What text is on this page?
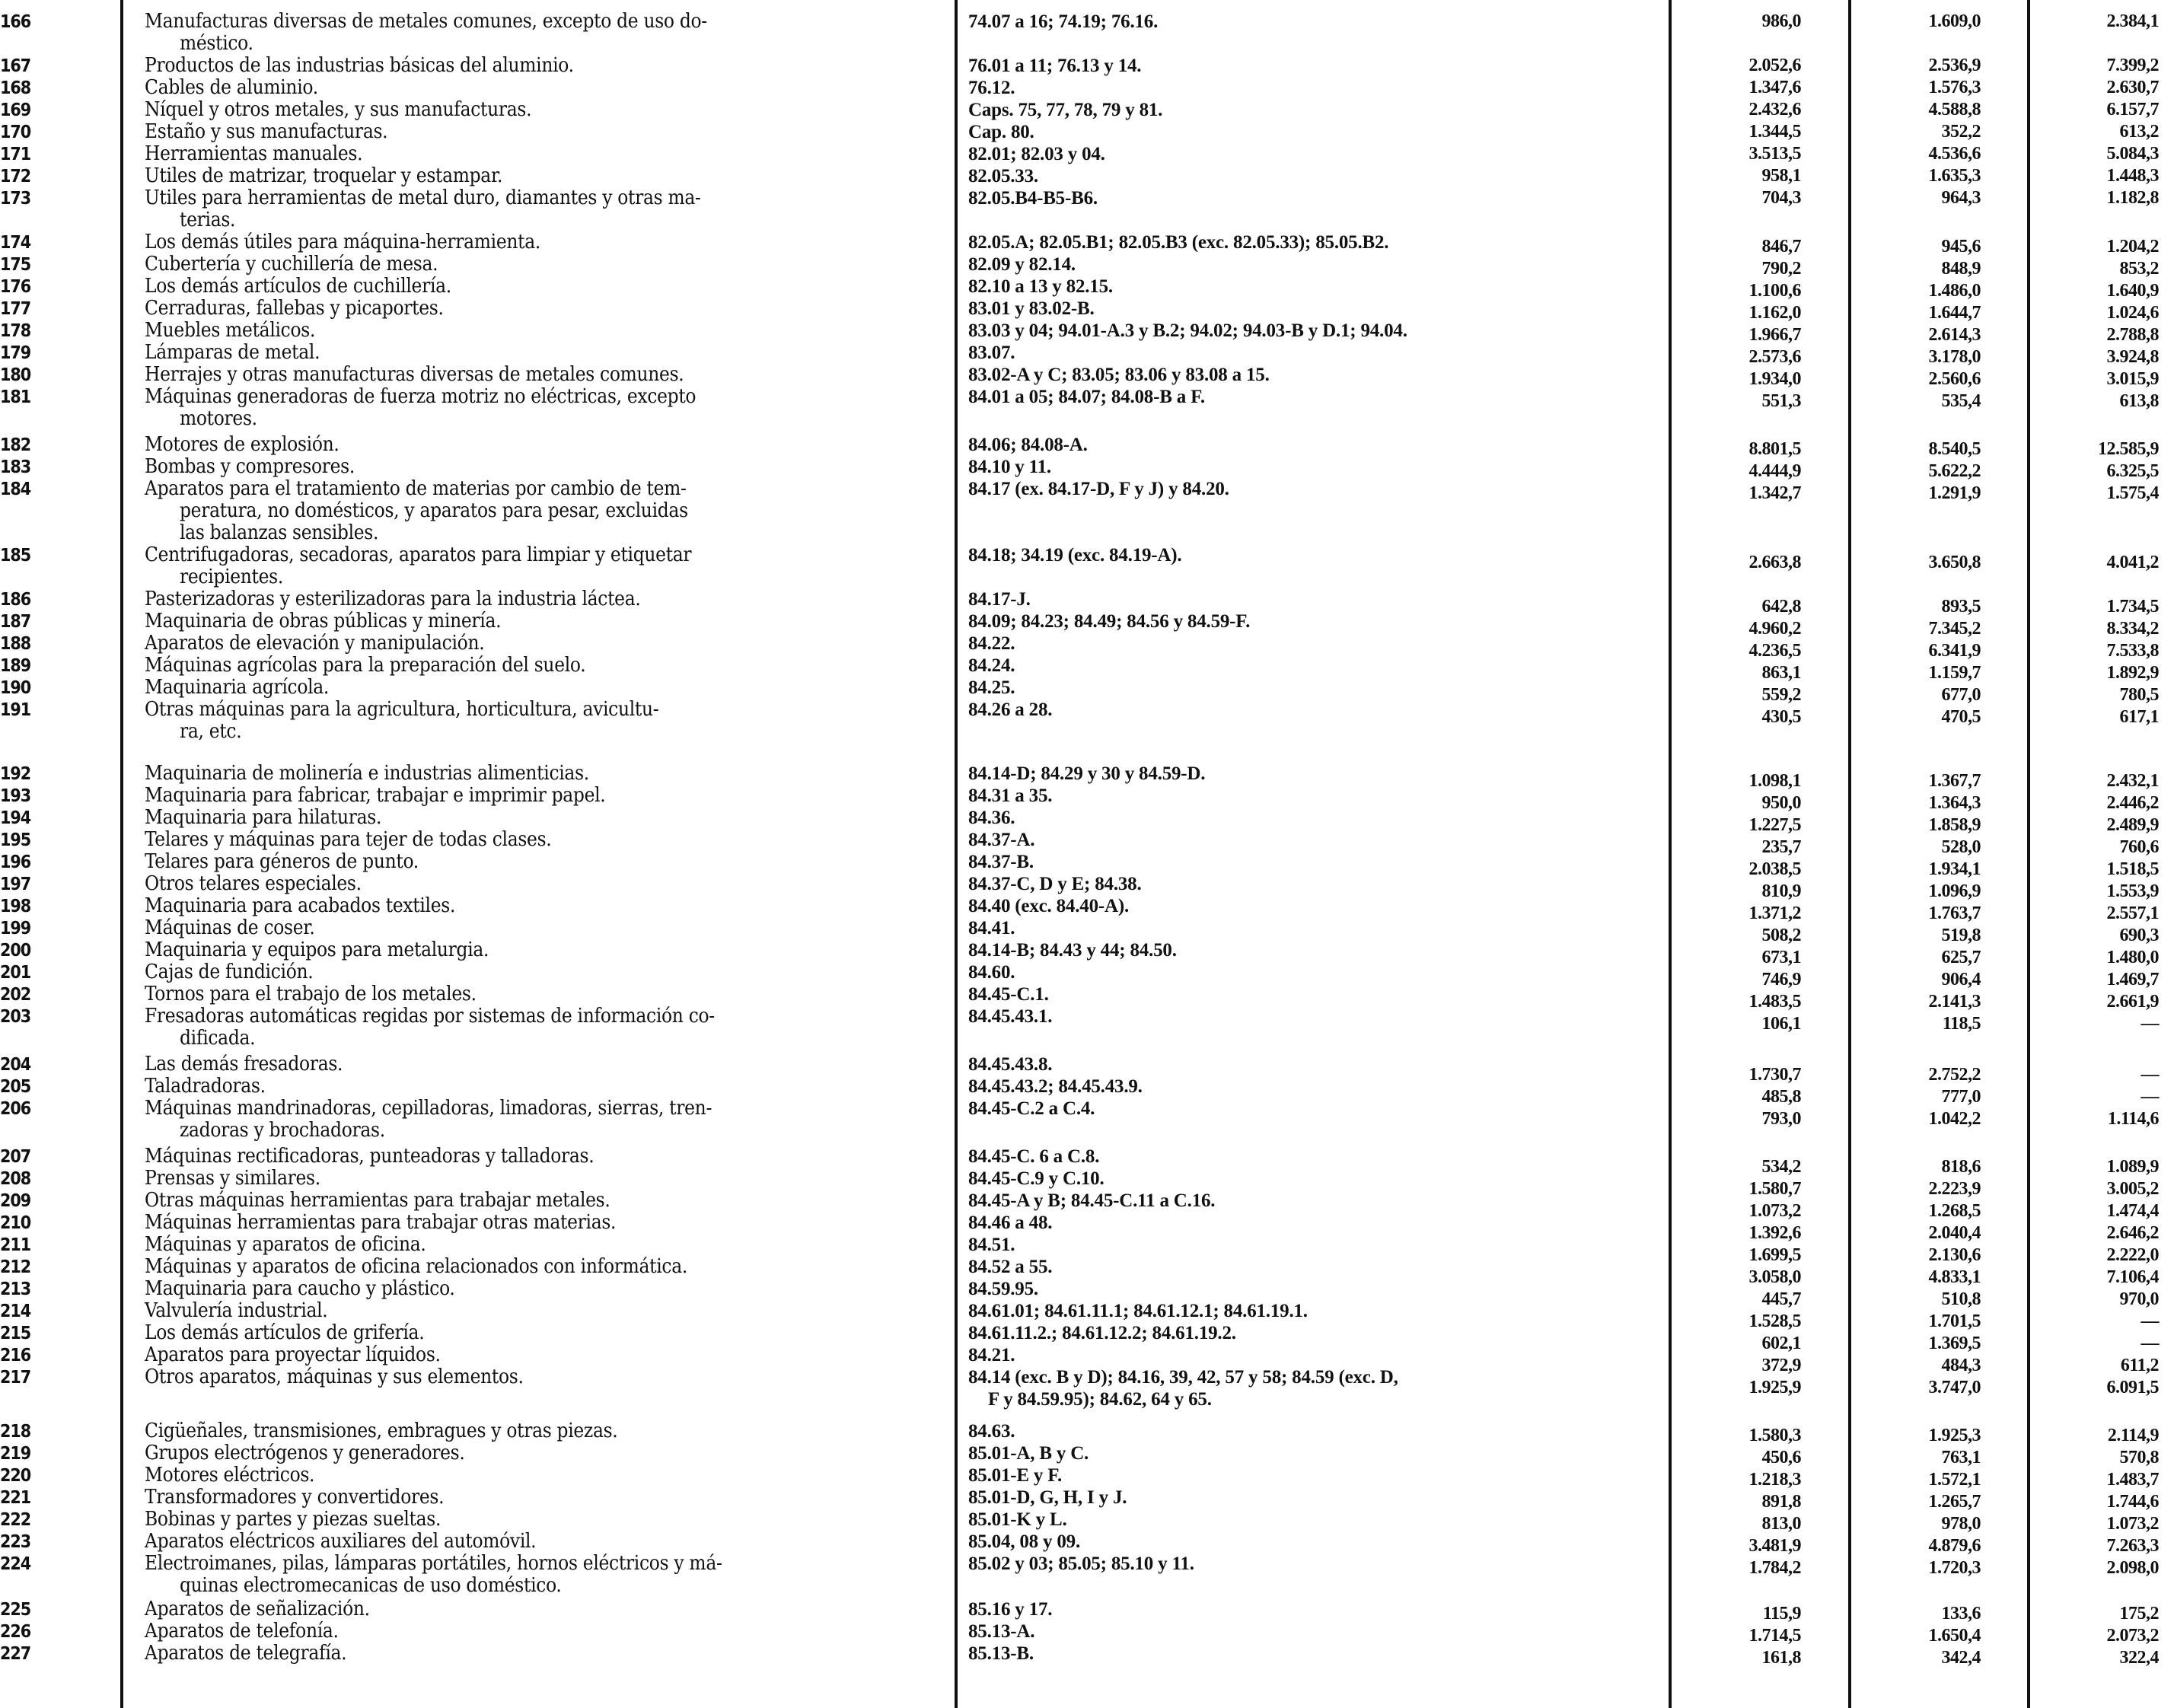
166	Manufacturas diversas de metales comunes, excepto de uso do-
méstico.
74.07 a 16; 74.19; 76.16.	986,0	1.609,0	2.384,1
167	Productos de las industrias básicas del aluminio.	76.01 a 11; 76.13 y 14.	2.052,6	2.536,9	7.399,2
168	Cables de aluminio.	76.12.	1.347,6	1.576,3	2.630,7
169	Níquel y otros metales, y sus manufacturas.	Caps. 75, 77, 78, 79 y 81.	2.432,6	4.588,8	6.157,7
170	Estaño y sus manufacturas.	Cap. 80.	1.344,5	352,2	613,2
171	Herramientas manuales.	82.01; 82.03 y 04.	3.513,5	4.536,6	5.084,3
172	Utiles de matrizar, troquelar y estampar.	82.05.33.	958,1	1.635,3	1.448,3
173	Utiles para herramientas de metal duro, diamantes y otras ma-
terias.
82.05.B4-B5-B6.	704,3	964,3	1.182,8
174	Los demás útiles para máquina-herramienta.	82.05.A; 82.05.B1; 82.05.B3 (exc. 82.05.33); 85.05.B2.	846,7	945,6	1.204,2
175	Cubertería y cuchillería de mesa.	82.09 y 82.14.	790,2	848,9	853,2
176	Los demás artículos de cuchillería.	82.10 a 13 y 82.15.	1.100,6	1.486,0	1.640,9
177	Cerraduras, fallebas y picaportes.	83.01 y 83.02-B.	1.162,0	1.644,7	1.024,6
178	Muebles metálicos.	83.03 y 04; 94.01-A.3 y B.2; 94.02; 94.03-B y D.1; 94.04.	1.966,7	2.614,3	2.788,8
179	Lámparas de metal.	83.07.	2.573,6	3.178,0	3.924,8
180	Herrajes y otras manufacturas diversas de metales comunes.	83.02-A y C; 83.05; 83.06 y 83.08 a 15.	1.934,0	2.560,6	3.015,9
181	Máquinas generadoras de fuerza motriz no eléctricas, excepto
motores.
84.01 a 05; 84.07; 84.08-B a F.	551,3	535,4	613,8
182	Motores de explosión.	84.06; 84.08-A.	8.801,5	8.540,5	12.585,9
183	Bombas y compresores.	84.10 y 11.	4.444,9	5.622,2	6.325,5
184	Aparatos para el tratamiento de materias por cambio de tem-
peratura, no domésticos, y aparatos para pesar, excluidas
las balanzas sensibles.
84.17 (ex. 84.17-D, F y J) y 84.20.	1.342,7	1.291,9	1.575,4
185	Centrifugadoras, secadoras, aparatos para limpiar y etiquetar
recipientes.
84.18; 34.19 (exc. 84.19-A).	2.663,8	3.650,8	4.041,2
186	Pasterizadoras y esterilizadoras para la industria láctea.	84.17-J.	642,8	893,5	1.734,5
187	Maquinaria de obras públicas y minería.	84.09; 84.23; 84.49; 84.56 y 84.59-F.	4.960,2	7.345,2	8.334,2
188	Aparatos de elevación y manipulación.	84.22.	4.236,5	6.341,9	7.533,8
189	Máquinas agrícolas para la preparación del suelo.	84.24.	863,1	1.159,7	1.892,9
190	Maquinaria agrícola.	84.25.	559,2	677,0	780,5
191	Otras máquinas para la agricultura, horticultura, avicultu-
ra, etc.
84.26 a 28.	430,5	470,5	617,1
192	Maquinaria de molinería e industrias alimenticias.	84.14-D; 84.29 y 30 y 84.59-D.	1.098,1	1.367,7	2.432,1
193	Maquinaria para fabricar, trabajar e imprimir papel.	84.31 a 35.	950,0	1.364,3	2.446,2
194	Maquinaria para hilaturas.	84.36.	1.227,5	1.858,9	2.489,9
195	Telares y máquinas para tejer de todas clases.	84.37-A.	235,7	528,0	760,6
196	Telares para géneros de punto.	84.37-B.	2.038,5	1.934,1	1.518,5
197	Otros telares especiales.	84.37-C, D y E; 84.38.	810,9	1.096,9	1.553,9
198	Maquinaria para acabados textiles.	84.40 (exc. 84.40-A).	1.371,2	1.763,7	2.557,1
199	Máquinas de coser.	84.41.	508,2	519,8	690,3
200	Maquinaria y equipos para metalurgia.	84.14-B; 84.43 y 44; 84.50.	673,1	625,7	1.480,0
201	Cajas de fundición.	84.60.	746,9	906,4	1.469,7
202	Tornos para el trabajo de los metales.	84.45-C.1.	1.483,5	2.141,3	2.661,9
203	Fresadoras automáticas regidas por sistemas de información co-
dificada.
84.45.43.1.	106,1	118,5	—
204	Las demás fresadoras.	84.45.43.8.	1.730,7	2.752,2	—
205	Taladradoras.	84.45.43.2; 84.45.43.9.	485,8	777,0	—
206	Máquinas mandrinadoras, cepilladoras, limadoras, sierras, tren-
zadoras y brochadoras.
84.45-C.2 a C.4.	793,0	1.042,2	1.114,6
207	Máquinas rectificadoras, punteadoras y talladoras.	84.45-C. 6 a C.8.	534,2	818,6	1.089,9
208	Prensas y similares.	84.45-C.9 y C.10.	1.580,7	2.223,9	3.005,2
209	Otras máquinas herramientas para trabajar metales.	84.45-A y B; 84.45-C.11 a C.16.	1.073,2	1.268,5	1.474,4
210	Máquinas herramientas para trabajar otras materias.	84.46 a 48.	1.392,6	2.040,4	2.646,2
211	Máquinas y aparatos de oficina.	84.51.	1.699,5	2.130,6	2.222,0
212	Máquinas y aparatos de oficina relacionados con informática.	84.52 a 55.	3.058,0	4.833,1	7.106,4
213	Maquinaria para caucho y plástico.	84.59.95.	445,7	510,8	970,0
214	Valvulería industrial.	84.61.01; 84.61.11.1; 84.61.12.1; 84.61.19.1.	1.528,5	1.701,5	—
215	Los demás artículos de grifería.	84.61.11.2.; 84.61.12.2; 84.61.19.2.	602,1	1.369,5	—
216	Aparatos para proyectar líquidos.	84.21.	372,9	484,3	611,2
217	Otros aparatos, máquinas y sus elementos.	84.14 (exc. B y D); 84.16, 39, 42, 57 y 58; 84.59 (exc. D,
F y 84.59.95); 84.62, 64 y 65.
1.925,9	3.747,0	6.091,5
218	Cigüeñales, transmisiones, embragues y otras piezas.	84.63.	1.580,3	1.925,3	2.114,9
219	Grupos electrógenos y generadores.	85.01-A, B y C.	450,6	763,1	570,8
220	Motores eléctricos.	85.01-E y F.	1.218,3	1.572,1	1.483,7
221	Transformadores y convertidores.	85.01-D, G, H, I y J.	891,8	1.265,7	1.744,6
222	Bobinas y partes y piezas sueltas.	85.01-K y L.	813,0	978,0	1.073,2
223	Aparatos eléctricos auxiliares del automóvil.	85.04, 08 y 09.	3.481,9	4.879,6	7.263,3
224	Electroimanes, pilas, lámparas portátiles, hornos eléctricos y má-
quinas electromecanicas de uso doméstico.
85.02 y 03; 85.05; 85.10 y 11.	1.784,2	1.720,3	2.098,0
225	Aparatos de señalización.	85.16 y 17.	115,9	133,6	175,2
226	Aparatos de telefonía.	85.13-A.	1.714,5	1.650,4	2.073,2
227	Aparatos de telegrafía.	85.13-B.	161,8	342,4	322,4
